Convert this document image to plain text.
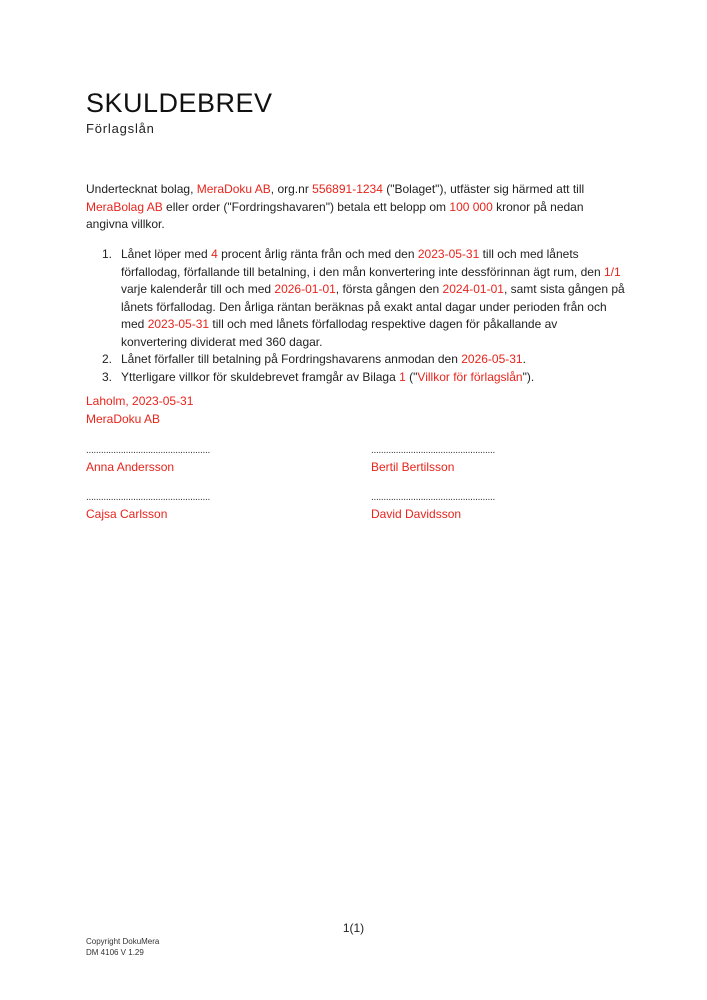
SKULDEBREV
Förlagslån

Undertecknat bolag, MeraDoku AB, org.nr 556891-1234 ("Bolaget"), utfäster sig härmed att till MeraBolag AB eller order ("Fordringshavaren") betala ett belopp om 100 000 kronor på nedan angivna villkor.

1. Lånet löper med 4 procent årlig ränta från och med den 2023-05-31 till och med lånets förfallodag, förfallande till betalning, i den mån konvertering inte dessförinnan ägt rum, den 1/1 varje kalenderår till och med 2026-01-01, första gången den 2024-01-01, samt sista gången på lånets förfallodag. Den årliga räntan beräknas på exakt antal dagar under perioden från och med 2023-05-31 till och med lånets förfallodag respektive dagen för påkallande av konvertering dividerat med 360 dagar.
2. Lånet förfaller till betalning på Fordringshavarens anmodan den 2026-05-31.
3. Ytterligare villkor för skuldebrevet framgår av Bilaga 1 ("Villkor för förlagslån").
Laholm, 2023-05-31
MeraDoku AB
..................................................
Anna Andersson
..................................................
Bertil Bertilsson
..................................................
Cajsa Carlsson
..................................................
David Davidsson
1(1)
Copyright DokuMera
DM 4106 V 1.29
